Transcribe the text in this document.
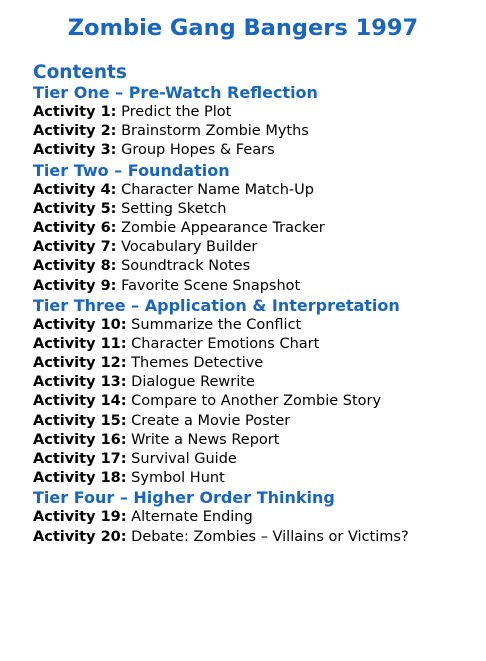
Zombie Gang Bangers 1997
Contents
Tier One – Pre-Watch Reflection
Activity 1: Predict the Plot
Activity 2: Brainstorm Zombie Myths
Activity 3: Group Hopes & Fears
Tier Two – Foundation
Activity 4: Character Name Match-Up
Activity 5: Setting Sketch
Activity 6: Zombie Appearance Tracker
Activity 7: Vocabulary Builder
Activity 8: Soundtrack Notes
Activity 9: Favorite Scene Snapshot
Tier Three – Application & Interpretation
Activity 10: Summarize the Conflict
Activity 11: Character Emotions Chart
Activity 12: Themes Detective
Activity 13: Dialogue Rewrite
Activity 14: Compare to Another Zombie Story
Activity 15: Create a Movie Poster
Activity 16: Write a News Report
Activity 17: Survival Guide
Activity 18: Symbol Hunt
Tier Four – Higher Order Thinking
Activity 19: Alternate Ending
Activity 20: Debate: Zombies – Villains or Victims?
